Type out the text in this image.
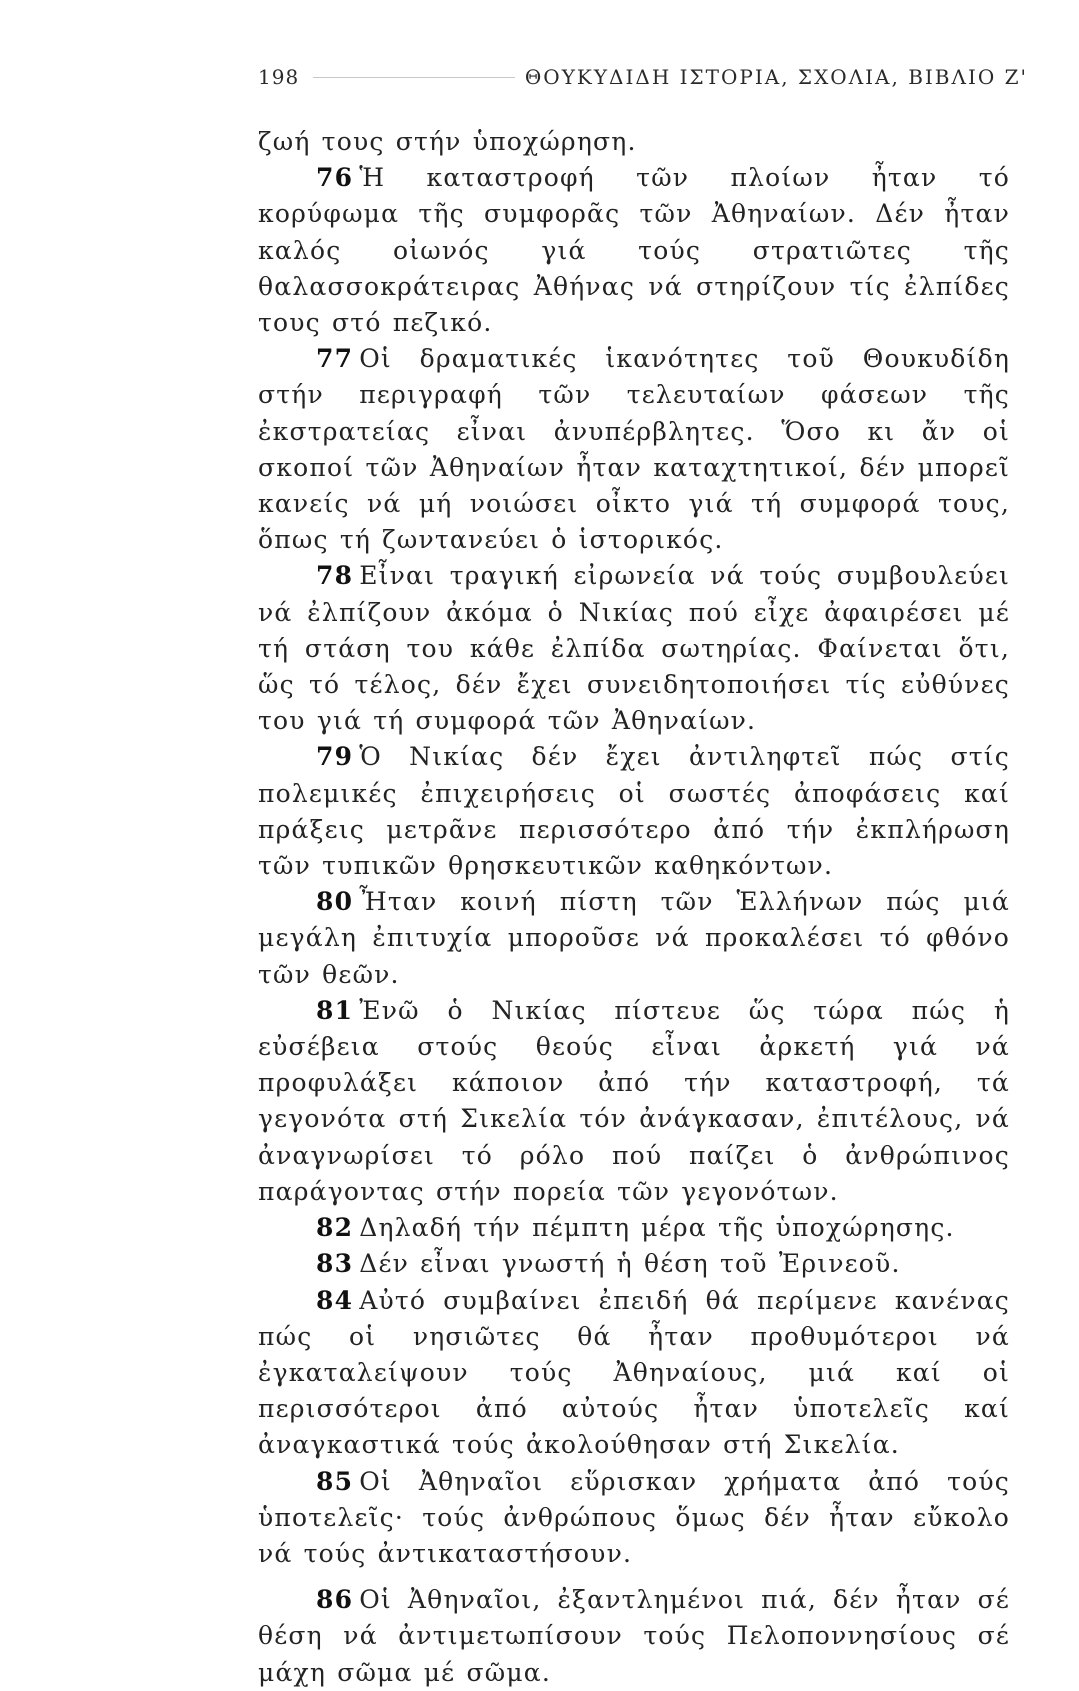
198	ΘΟΥΚΥΔΙΔΗ ΙΣΤΟΡΙΑ, ΣΧΟΛΙΑ, ΒΙΒΛΙΟ Ζ'

ζωή τους στήν ὑποχώρηση.

76 Ἡ καταστροφή τῶν πλοίων ἦταν τό κορύφωμα τῆς συμφορᾶς τῶν Ἀθηναίων. Δέν ἦταν καλός οἰωνός γιά τούς στρατιῶτες τῆς θαλασσοκράτειρας Ἀθήνας νά στηρίζουν τίς ἐλπίδες τους στό πεζικό.

77 Οἱ δραματικές ἱκανότητες τοῦ Θουκυδίδη στήν περιγραφή τῶν τελευταίων φάσεων τῆς ἐκστρατείας εἶναι ἀνυπέρβλητες. Ὅσο κι ἄν οἱ σκοποί τῶν Ἀθηναίων ἦταν καταχτητικοί, δέν μπορεῖ κανείς νά μή νοιώσει οἶκτο γιά τή συμφορά τους, ὅπως τή ζωντανεύει ὁ ἱστορικός.

78 Εἶναι τραγική εἰρωνεία νά τούς συμβουλεύει νά ἐλπίζουν ἀκόμα ὁ Νικίας πού εἶχε ἀφαιρέσει μέ τή στάση του κάθε ἐλπίδα σωτηρίας. Φαίνεται ὅτι, ὥς τό τέλος, δέν ἔχει συνειδητοποιήσει τίς εὐθύνες του γιά τή συμφορά τῶν Ἀθηναίων.

79 Ὁ Νικίας δέν ἔχει ἀντιληφτεῖ πώς στίς πολεμικές ἐπιχειρήσεις οἱ σωστές ἀποφάσεις καί πράξεις μετρᾶνε περισσότερο ἀπό τήν ἐκπλήρωση τῶν τυπικῶν θρησκευτικῶν καθηκόντων.

80 Ἦταν κοινή πίστη τῶν Ἑλλήνων πώς μιά μεγάλη ἐπιτυχία μποροῦσε νά προκαλέσει τό φθόνο τῶν θεῶν.

81 Ἐνῶ ὁ Νικίας πίστευε ὥς τώρα πώς ἡ εὐσέβεια στούς θεούς εἶναι ἀρκετή γιά νά προφυλάξει κάποιον ἀπό τήν καταστροφή, τά γεγονότα στή Σικελία τόν ἀνάγκασαν, ἐπιτέλους, νά ἀναγνωρίσει τό ρόλο πού παίζει ὁ ἀνθρώπινος παράγοντας στήν πορεία τῶν γεγονότων.

82 Δηλαδή τήν πέμπτη μέρα τῆς ὑποχώρησης.

83 Δέν εἶναι γνωστή ἡ θέση τοῦ Ἐρινεοῦ.

84 Αὐτό συμβαίνει ἐπειδή θά περίμενε κανένας πώς οἱ νησιῶτες θά ἦταν προθυμότεροι νά ἐγκαταλείψουν τούς Ἀθηναίους, μιά καί οἱ περισσότεροι ἀπό αὐτούς ἦταν ὑποτελεῖς καί ἀναγκαστικά τούς ἀκολούθησαν στή Σικελία.

85 Οἱ Ἀθηναῖοι εὕρισκαν χρήματα ἀπό τούς ὑποτελεῖς· τούς ἀνθρώπους ὅμως δέν ἦταν εὔκολο νά τούς ἀντικαταστήσουν.

86 Οἱ Ἀθηναῖοι, ἐξαντλημένοι πιά, δέν ἦταν σέ θέση νά ἀντιμετωπίσουν τούς Πελοποννησίους σέ μάχη σῶμα μέ σῶμα.
